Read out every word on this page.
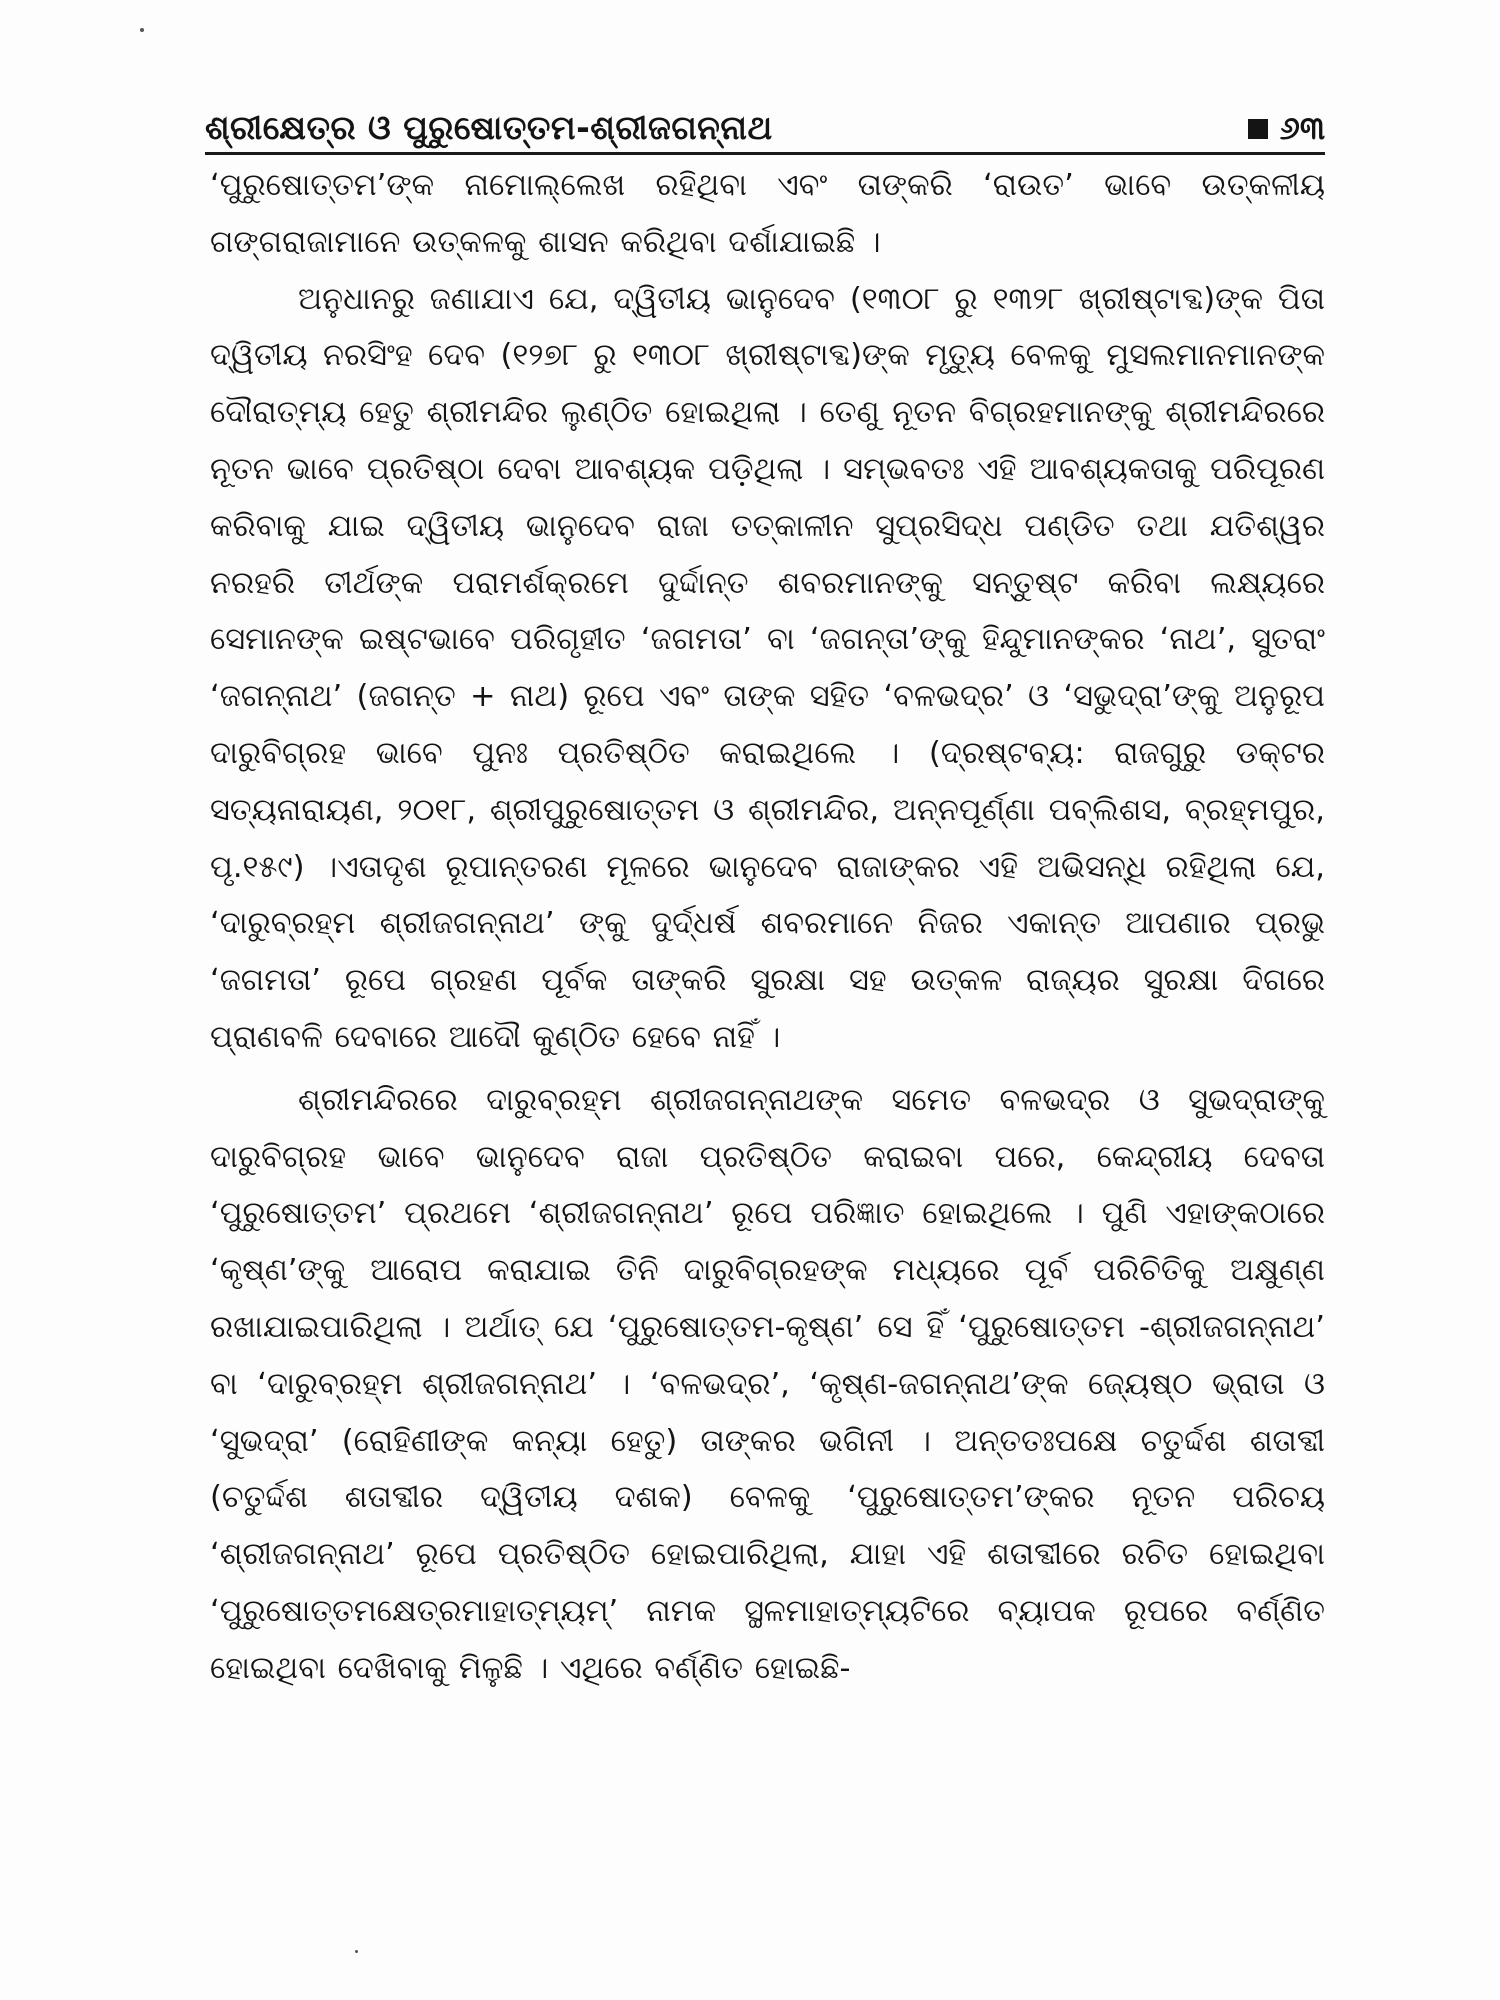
ଶ୍ରୀକ୍ଷେତ୍ର ଓ ପୁରୁଷୋତ୍ତମ-ଶ୍ରୀଜଗନ୍ନାଥ	୬୩

‘ପୁରୁଷୋତ୍ତମ’ଙ୍କ ନାମୋଲ୍ଲେଖ ରହିଥିବା ଏବଂ ତାଙ୍କରି ‘ରାଉତ’ ଭାବେ ଉତ୍କଳୀୟ ଗଙ୍ଗରାଜାମାନେ ଉତ୍କଳକୁ ଶାସନ କରିଥିବା ଦର୍ଶାଯାଇଛି ।

ଅନୁଧାନରୁ ଜଣାଯାଏ ଯେ, ଦ୍ୱିତୀୟ ଭାନୁଦେବ (୧୩୦୮ ରୁ ୧୩୨୮ ଖ୍ରୀଷ୍ଟାବ୍ଦ)ଙ୍କ ପିତା ଦ୍ୱିତୀୟ ନରସିଂହ ଦେବ (୧୨୭୮ ରୁ ୧୩୦୮ ଖ୍ରୀଷ୍ଟାବ୍ଦ)ଙ୍କ ମୃତ୍ୟୁ ବେଳକୁ ମୁସଲମାନମାନଙ୍କ ଦୌରାତ୍ମ୍ୟ ହେତୁ ଶ୍ରୀମନ୍ଦିର ଲୁଣ୍ଠିତ ହୋଇଥିଲା । ତେଣୁ ନୂତନ ବିଗ୍ରହମାନଙ୍କୁ ଶ୍ରୀମନ୍ଦିରରେ ନୂତନ ଭାବେ ପ୍ରତିଷ୍ଠା ଦେବା ଆବଶ୍ୟକ ପଡ଼ିଥିଲା । ସମ୍ଭବତଃ ଏହି ଆବଶ୍ୟକତାକୁ ପରିପୂରଣ କରିବାକୁ ଯାଇ ଦ୍ୱିତୀୟ ଭାନୁଦେବ ରାଜା ତତ୍‌କାଳୀନ ସୁପ୍ରସିଦ୍ଧ ପଣ୍ଡିତ ତଥା ଯତିଶ୍ୱର ନରହରି ତୀର୍ଥଙ୍କ ପରାମର୍ଶକ୍ରମେ ଦୁର୍ଦ୍ଦାନ୍ତ ଶବରମାନଙ୍କୁ ସନ୍ତୁଷ୍ଟ କରିବା ଲକ୍ଷ୍ୟରେ ସେମାନଙ୍କ ଇଷ୍ଟଭାବେ ପରିଗୃହୀତ ‘ଜଗମତା’ ବା ‘ଜଗନ୍ତା’ଙ୍କୁ ହିନ୍ଦୁମାନଙ୍କର ‘ନାଥ’, ସୁତରାଂ ‘ଜଗନ୍ନାଥ’ (ଜଗନ୍ତ + ନାଥ) ରୂପେ ଏବଂ ତାଙ୍କ ସହିତ ‘ବଳଭଦ୍ର’ ଓ ‘ସଭୁଦ୍ରା’ଙ୍କୁ ଅନୁରୂପ ଦାରୁବିଗ୍ରହ ଭାବେ ପୁନଃ ପ୍ରତିଷ୍ଠିତ କରାଇଥିଲେ । (ଦ୍ରଷ୍ଟବ୍ୟ: ରାଜଗୁରୁ ଡକ୍ଟର ସତ୍ୟନାରାୟଣ, ୨୦୧୮, ଶ୍ରୀପୁରୁଷୋତ୍ତମ ଓ ଶ୍ରୀମନ୍ଦିର, ଅନ୍ନପୂର୍ଣ୍ଣା ପବ୍ଲିଶସ, ବ୍ରହ୍ମପୁର, ପୃ.୧୫୯) ।ଏତାଦୃଶ ରୂପାନ୍ତରଣ ମୂଳରେ ଭାନୁଦେବ ରାଜାଙ୍କର ଏହି ଅଭିସନ୍ଧି ରହିଥିଲା ଯେ, ‘ଦାରୁବ୍ରହ୍ମ ଶ୍ରୀଜଗନ୍ନାଥ’ ଙ୍କୁ ଦୁର୍ଦ୍ଧର୍ଷ ଶବରମାନେ ନିଜର ଏକାନ୍ତ ଆପଣାର ପ୍ରଭୁ ‘ଜଗମତା’ ରୂପେ ଗ୍ରହଣ ପୂର୍ବକ ତାଙ୍କରି ସୁରକ୍ଷା ସହ ଉତ୍କଳ ରାଜ୍ୟର ସୁରକ୍ଷା ଦିଗରେ ପ୍ରାଣବଳି ଦେବାରେ ଆଦୌ କୁଣ୍ଠିତ ହେବେ ନାହିଁ ।

ଶ୍ରୀମନ୍ଦିରରେ ଦାରୁବ୍ରହ୍ମ ଶ୍ରୀଜଗନ୍ନାଥଙ୍କ ସମେତ ବଳଭଦ୍ର ଓ ସୁଭଦ୍ରାଙ୍କୁ ଦାରୁବିଗ୍ରହ ଭାବେ ଭାନୁଦେବ ରାଜା ପ୍ରତିଷ୍ଠିତ କରାଇବା ପରେ, କେନ୍ଦ୍ରୀୟ ଦେବତା ‘ପୁରୁଷୋତ୍ତମ’ ପ୍ରଥମେ ‘ଶ୍ରୀଜଗନ୍ନାଥ’ ରୂପେ ପରିଜ୍ଞାତ ହୋଇଥିଲେ । ପୁଣି ଏହାଙ୍କଠାରେ ‘କୃଷ୍ଣ’ଙ୍କୁ ଆରୋପ କରାଯାଇ ତିନି ଦାରୁବିଗ୍ରହଙ୍କ ମଧ୍ୟରେ ପୂର୍ବ ପରିଚିତିକୁ ଅକ୍ଷୁଣ୍ଣ ରଖାଯାଇପାରିଥିଲା । ଅର୍ଥାତ୍ ଯେ ‘ପୁରୁଷୋତ୍ତମ-କୃଷ୍ଣ’ ସେ ହିଁ ‘ପୁରୁଷୋତ୍ତମ -ଶ୍ରୀଜଗନ୍ନାଥ’ ବା ‘ଦାରୁବ୍ରହ୍ମ ଶ୍ରୀଜଗନ୍ନାଥ’ । ‘ବଳଭଦ୍ର’, ‘କୃଷ୍ଣ-ଜଗନ୍ନାଥ’ଙ୍କ ଜ୍ୟେଷ୍ଠ ଭ୍ରାତା ଓ ‘ସୁଭଦ୍ରା’ (ରୋହିଣୀଙ୍କ କନ୍ୟା ହେତୁ) ତାଙ୍କର ଭଗିନୀ । ଅନ୍ତତଃପକ୍ଷେ ଚତୁର୍ଦ୍ଦଶ ଶତାବ୍ଦୀ (ଚତୁର୍ଦ୍ଦଶ ଶତାବ୍ଦୀର ଦ୍ୱିତୀୟ ଦଶକ) ବେଳକୁ ‘ପୁରୁଷୋତ୍ତମ’ଙ୍କର ନୂତନ ପରିଚୟ ‘ଶ୍ରୀଜଗନ୍ନାଥ’ ରୂପେ ପ୍ରତିଷ୍ଠିତ ହୋଇପାରିଥିଲା, ଯାହା ଏହି ଶତାବ୍ଦୀରେ ରଚିତ ହୋଇଥିବା ‘ପୁରୁଷୋତ୍ତମକ୍ଷେତ୍ରମାହାତ୍ମ୍ୟମ୍’ ନାମକ ସ୍ଥଳମାହାତ୍ମ୍ୟଟିରେ ବ୍ୟାପକ ରୂପରେ ବର୍ଣ୍ଣିତ ହୋଇଥିବା ଦେଖିବାକୁ ମିଳୁଛି । ଏଥିରେ ବର୍ଣ୍ଣିତ ହୋଇଛି-
